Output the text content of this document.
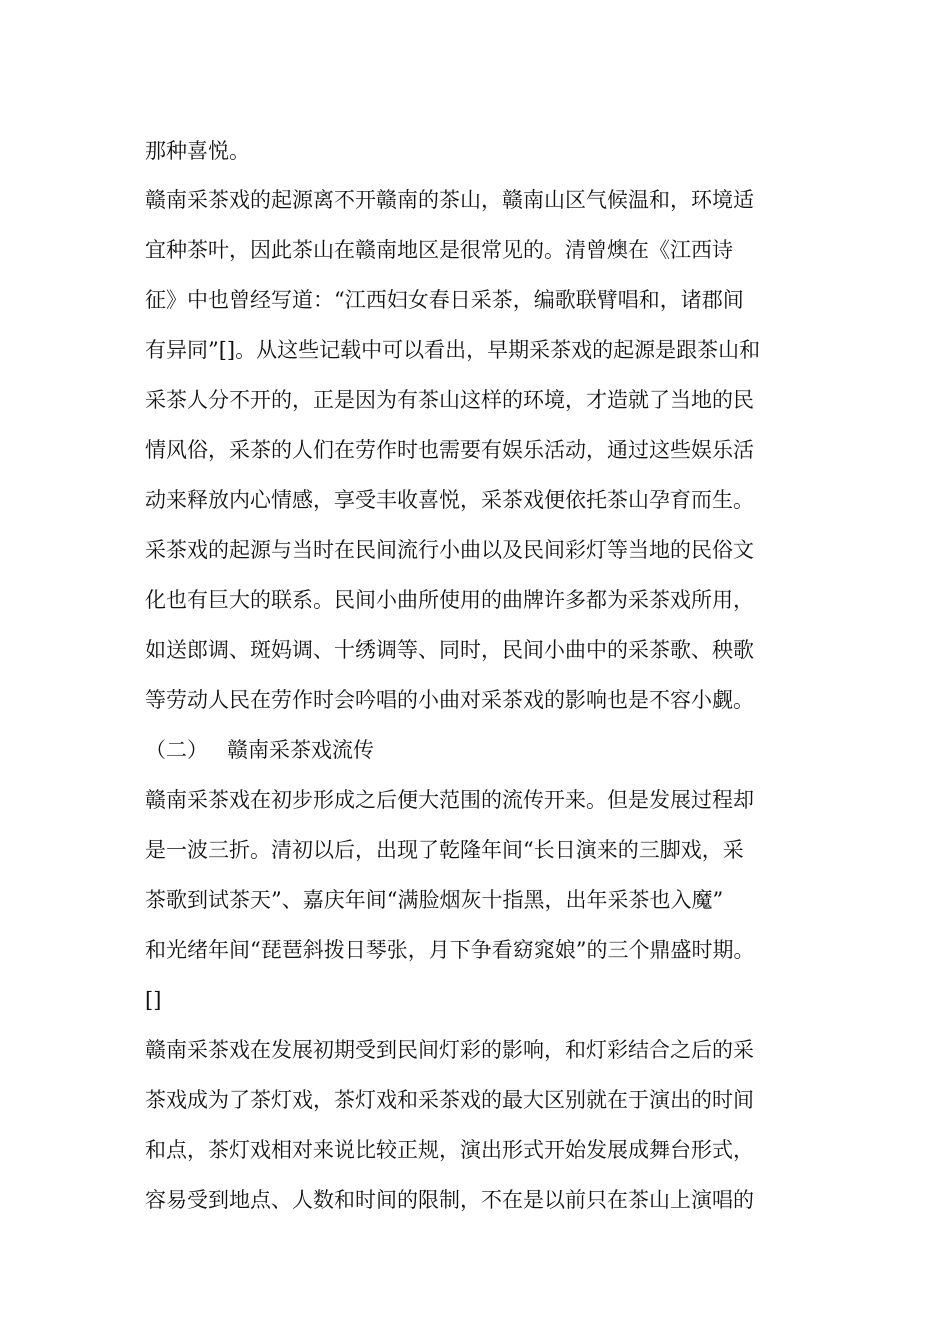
那种喜悦。
赣南采茶戏的起源离不开赣南的茶山，赣南山区气候温和，环境适
宜种茶叶，因此茶山在赣南地区是很常见的。清曾燠在《江西诗
征》中也曾经写道：“江西妇女春日采茶，编歌联臂唱和，诸郡间
有异同”[]。从这些记载中可以看出，早期采茶戏的起源是跟茶山和
采茶人分不开的，正是因为有茶山这样的环境，才造就了当地的民
情风俗，采茶的人们在劳作时也需要有娱乐活动，通过这些娱乐活
动来释放内心情感，享受丰收喜悦，采茶戏便依托茶山孕育而生。
采茶戏的起源与当时在民间流行小曲以及民间彩灯等当地的民俗文
化也有巨大的联系。民间小曲所使用的曲牌许多都为采茶戏所用，
如送郎调、斑妈调、十绣调等、同时，民间小曲中的采茶歌、秧歌
等劳动人民在劳作时会吟唱的小曲对采茶戏的影响也是不容小觑。
（二） 赣南采茶戏流传
赣南采茶戏在初步形成之后便大范围的流传开来。但是发展过程却
是一波三折。清初以后，出现了乾隆年间“长日演来的三脚戏，采
茶歌到试茶天”、嘉庆年间“满脸烟灰十指黑，出年采茶也入魔”
和光绪年间“琵琶斜拨日琴张，月下争看窈窕娘”的三个鼎盛时期。
[]
赣南采茶戏在发展初期受到民间灯彩的影响，和灯彩结合之后的采
茶戏成为了茶灯戏，茶灯戏和采茶戏的最大区别就在于演出的时间
和点，茶灯戏相对来说比较正规，演出形式开始发展成舞台形式，
容易受到地点、人数和时间的限制，不在是以前只在茶山上演唱的
